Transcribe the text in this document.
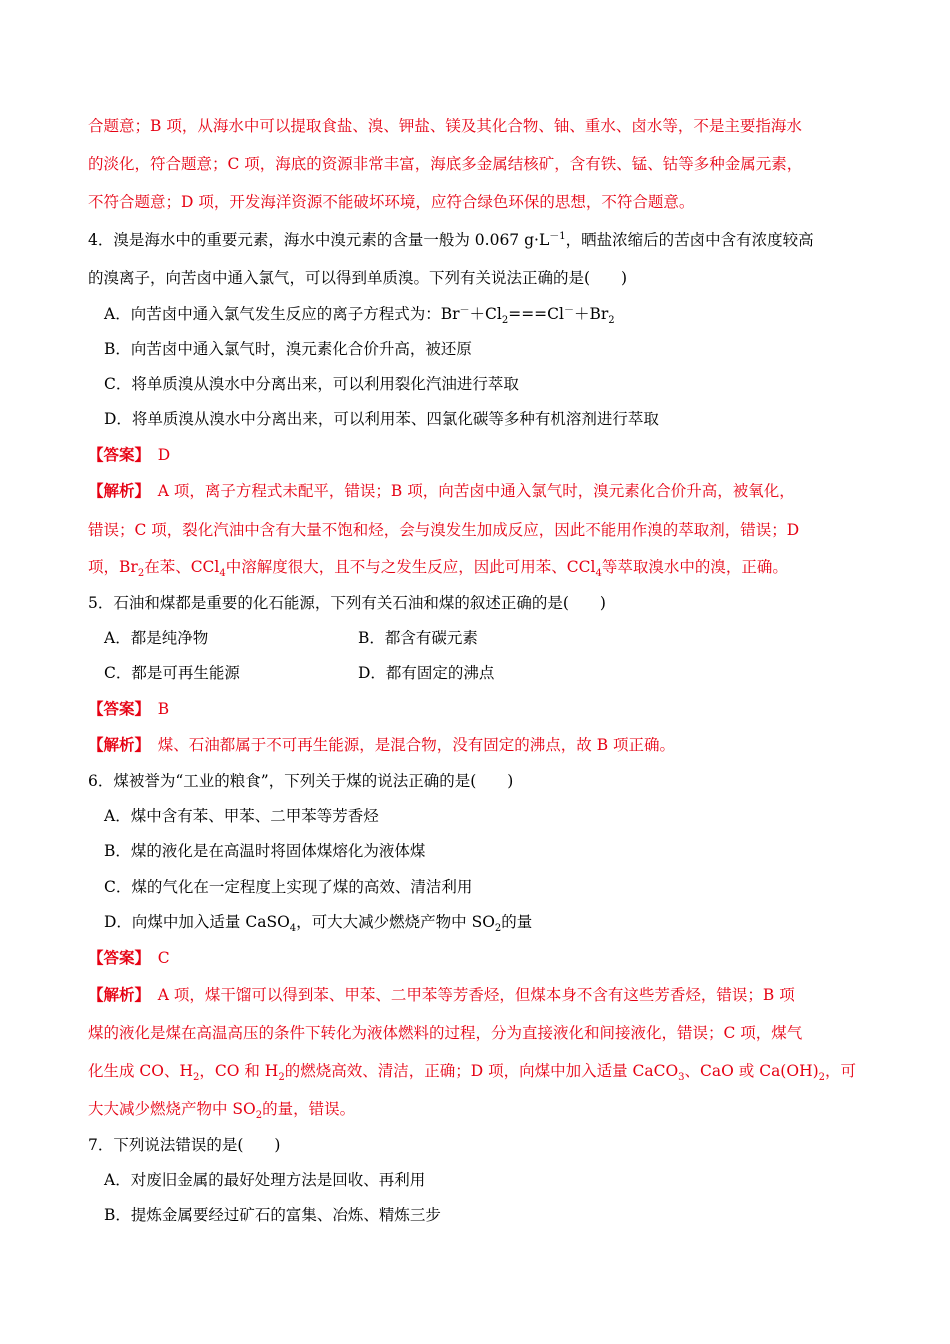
合题意；B 项，从海水中可以提取食盐、溴、钾盐、镁及其化合物、铀、重水、卤水等，不是主要指海水
的淡化，符合题意；C 项，海底的资源非常丰富，海底多金属结核矿，含有铁、锰、钴等多种金属元素，
不符合题意；D 项，开发海洋资源不能破坏环境，应符合绿色环保的思想，不符合题意。
4．溴是海水中的重要元素，海水中溴元素的含量一般为 0.067 $g\cdot L^{-1}$，晒盐浓缩后的苦卤中含有浓度较高
的溴离子，向苦卤中通入氯气，可以得到单质溴。下列有关说法正确的是(　　)
A．向苦卤中通入氯气发生反应的离子方程式为：$Br^-+Cl_2===Cl^-+Br_2$
B．向苦卤中通入氯气时，溴元素化合价升高，被还原
C．将单质溴从溴水中分离出来，可以利用裂化汽油进行萃取
D．将单质溴从溴水中分离出来，可以利用苯、四氯化碳等多种有机溶剂进行萃取
【答案】　 D
【解析】　 A 项，离子方程式未配平，错误；B 项，向苦卤中通入氯气时，溴元素化合价升高，被氧化，
错误；C 项，裂化汽油中含有大量不饱和烃，会与溴发生加成反应，因此不能用作溴的萃取剂，错误；D
项，$Br_2$在苯、CCl$_4$中溶解度很大，且不与之发生反应，因此可用苯、CCl$_4$等萃取溴水中的溴，正确。
5．石油和煤都是重要的化石能源，下列有关石油和煤的叙述正确的是(　　)
A．都是纯净物	B．都含有碳元素
C．都是可再生能源	D．都有固定的沸点
【答案】　 B
【解析】　 煤、石油都属于不可再生能源，是混合物，没有固定的沸点，故 B 项正确。
6．煤被誉为“工业的粮食”，下列关于煤的说法正确的是(　　)
A．煤中含有苯、甲苯、二甲苯等芳香烃
B．煤的液化是在高温时将固体煤熔化为液体煤
C．煤的气化在一定程度上实现了煤的高效、清洁利用
D．向煤中加入适量 CaSO$_4$，可大大减少燃烧产物中 $SO_2$的量
【答案】　 C
【解析】　 A 项，煤干馏可以得到苯、甲苯、二甲苯等芳香烃，但煤本身不含有这些芳香烃，错误；B 项
煤的液化是煤在高温高压的条件下转化为液体燃料的过程，分为直接液化和间接液化，错误；C 项，煤气
化生成 CO、$H_2$，CO 和 $H_2$的燃烧高效、清洁，正确；D 项，向煤中加入适量 CaCO$_3$、CaO 或 $Ca(OH)_2$，可
大大减少燃烧产物中 $SO_2$的量，错误。
7．下列说法错误的是(　　)
A．对废旧金属的最好处理方法是回收、再利用
B．提炼金属要经过矿石的富集、冶炼、精炼三步
